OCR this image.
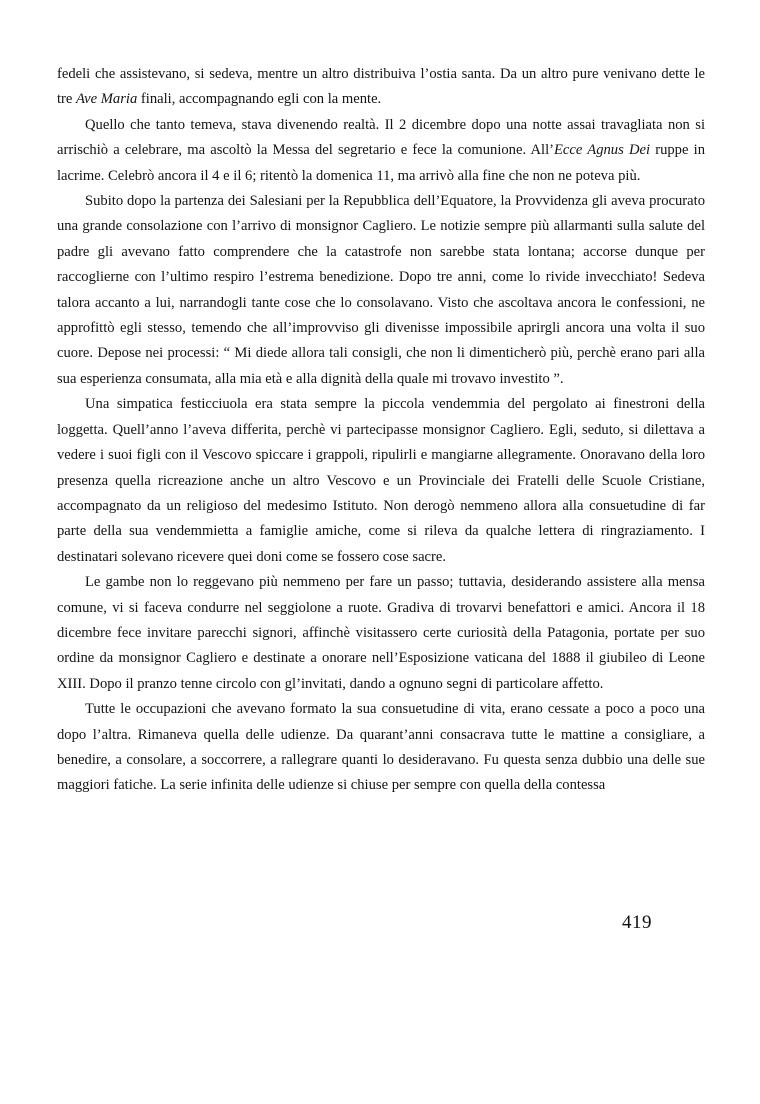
fedeli che assistevano, si sedeva, mentre un altro distribuiva l’ostia santa. Da un altro pure venivano dette le tre Ave Maria finali, accompagnando egli con la mente.

Quello che tanto temeva, stava divenendo realtà. Il 2 dicembre dopo una notte assai travagliata non si arrischiò a celebrare, ma ascoltò la Messa del segretario e fece la comunione. All’Ecce Agnus Dei ruppe in lacrime. Celebrò ancora il 4 e il 6; ritentò la domenica 11, ma arrivò alla fine che non ne poteva più.

Subito dopo la partenza dei Salesiani per la Repubblica dell’Equatore, la Provvidenza gli aveva procurato una grande consolazione con l’arrivo di monsignor Cagliero. Le notizie sempre più allarmanti sulla salute del padre gli avevano fatto comprendere che la catastrofe non sarebbe stata lontana; accorse dunque per raccoglierne con l’ultimo respiro l’estrema benedizione. Dopo tre anni, come lo rivide invecchiato! Sedeva talora accanto a lui, narrandogli tante cose che lo consolavano. Visto che ascoltava ancora le confessioni, ne approfittò egli stesso, temendo che all’improvviso gli divenisse impossibile aprirgli ancora una volta il suo cuore. Depose nei processi: “ Mi diede allora tali consigli, che non li dimenticherò più, perchè erano pari alla sua esperienza consumata, alla mia età e alla dignità della quale mi trovavo investito ”.

Una simpatica festicciuola era stata sempre la piccola vendemmia del pergolato ai finestroni della loggetta. Quell’anno l’aveva differita, perchè vi partecipasse monsignor Cagliero. Egli, seduto, si dilettava a vedere i suoi figli con il Vescovo spiccare i grappoli, ripulirli e mangiarne allegramente. Onoravano della loro presenza quella ricreazione anche un altro Vescovo e un Provinciale dei Fratelli delle Scuole Cristiane, accompagnato da un religioso del medesimo Istituto. Non derogò nemmeno allora alla consuetudine di far parte della sua vendemmietta a famiglie amiche, come si rileva da qualche lettera di ringraziamento. I destinatari solevano ricevere quei doni come se fossero cose sacre.

Le gambe non lo reggevano più nemmeno per fare un passo; tuttavia, desiderando assistere alla mensa comune, vi si faceva condurre nel seggiolone a ruote. Gradiva di trovarvi benefattori e amici. Ancora il 18 dicembre fece invitare parecchi signori, affinchè visitassero certe curiosità della Patagonia, portate per suo ordine da monsignor Cagliero e destinate a onorare nell’Esposizione vaticana del 1888 il giubileo di Leone XIII. Dopo il pranzo tenne circolo con gl’invitati, dando a ognuno segni di particolare affetto.

Tutte le occupazioni che avevano formato la sua consuetudine di vita, erano cessate a poco a poco una dopo l’altra. Rimaneva quella delle udienze. Da quarant’anni consacrava tutte le mattine a consigliare, a benedire, a consolare, a soccorrere, a rallegrare quanti lo desideravano. Fu questa senza dubbio una delle sue maggiori fatiche. La serie infinita delle udienze si chiuse per sempre con quella della contessa

419
